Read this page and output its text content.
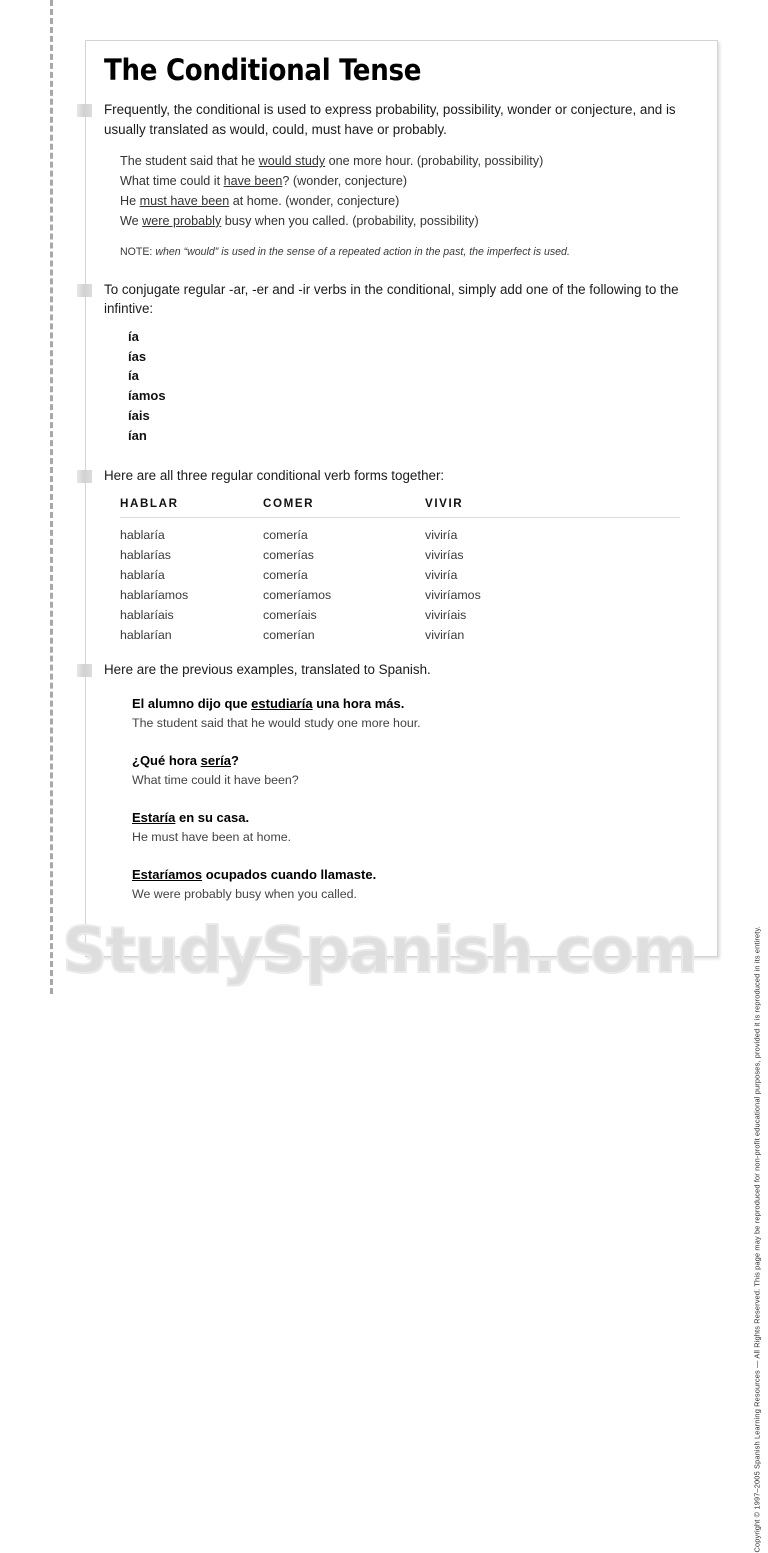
The Conditional Tense

Frequently, the conditional is used to express probability, possibility, wonder or conjecture, and is usually translated as would, could, must have or probably.

The student said that he would study one more hour. (probability, possibility)
What time could it have been? (wonder, conjecture)
He must have been at home. (wonder, conjecture)
We were probably busy when you called. (probability, possibility)
NOTE: when “would” is used in the sense of a repeated action in the past, the imperfect is used.

To conjugate regular -ar, -er and -ir verbs in the conditional, simply add one of the following to the infintive:

ía
ías
ía
íamos
íais
ían

Here are all three regular conditional verb forms together:

HABLAR	COMER	VIVIR
hablaría	comería	viviría
hablarías	comerías	vivirías
hablaría	comería	viviría
hablaríamos	comeríamos	viviríamos
hablaríais	comeríais	viviríais
hablarían	comerían	vivirían

Here are the previous examples, translated to Spanish.

El alumno dijo que estudiaría una hora más.
The student said that he would study one more hour.
¿Qué hora sería?
What time could it have been?
Estaría en su casa.
He must have been at home.
Estaríamos ocupados cuando llamaste.
We were probably busy when you called.
Copyright © 1997–2005 Spanish Learning Resources — All Rights Reserved. This page may be reproduced for non-profit educational purposes, provided it is reproduced in its entirety.
StudySpanish.com
